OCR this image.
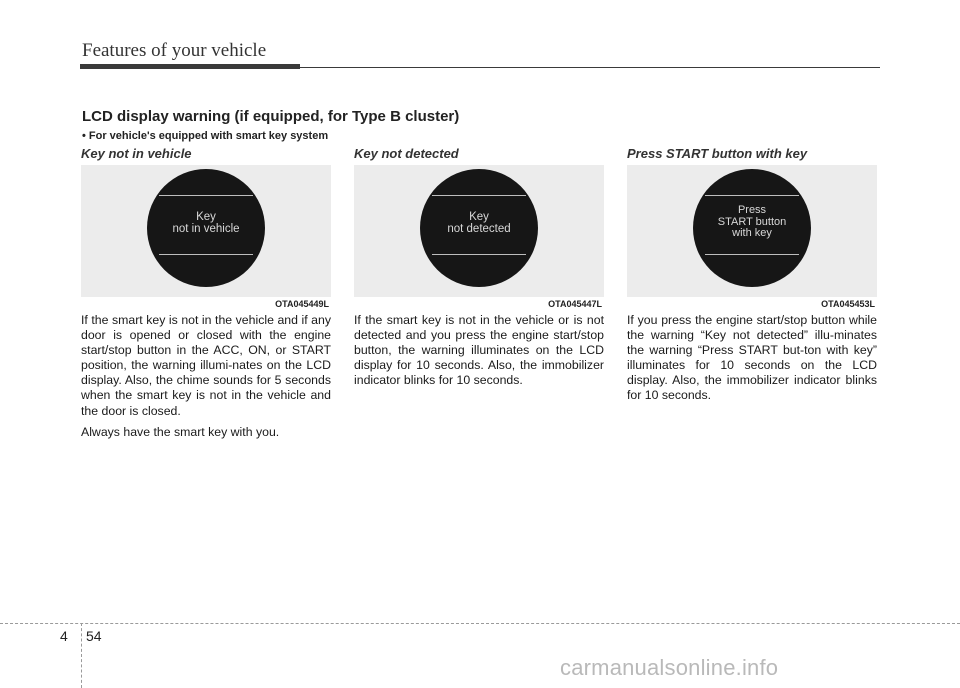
Features of your vehicle
LCD display warning (if equipped, for Type B cluster)
• For vehicle's equipped with smart key system
Key not in vehicle
Key
not in vehicle
OTA045449L
If the smart key is not in the vehicle and if any door is opened or closed with the engine start/stop button in the ACC, ON, or START position, the warning illumi-nates on the LCD display. Also, the chime sounds for 5 seconds when the smart key is not in the vehicle and the door is closed.
Always have the smart key with you.
Key not detected
Key
not detected
OTA045447L
If the smart key is not in the vehicle or is not detected and you press the engine start/stop button, the warning illuminates on the LCD display for 10 seconds. Also, the immobilizer indicator blinks for 10 seconds.
Press START button with key
Press
START button
with key
OTA045453L
If you press the engine start/stop button while the warning “Key not detected” illu-minates the warning “Press START but-ton with key” illuminates for 10 seconds on the LCD display. Also, the immobilizer indicator blinks for 10 seconds.
4 54
carmanualsonline.info
